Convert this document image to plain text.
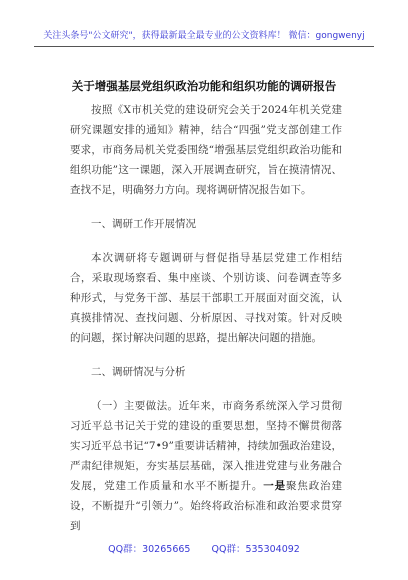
关注头条号"公文研究"，获得最新最全最专业的公文资料库！ 微信：gongwenyj
关于增强基层党组织政治功能和组织功能的调研报告

按照《X市机关党的建设研究会关于2024年机关党建研究课题安排的通知》精神，结合“四强”党支部创建工作要求，市商务局机关党委围绕“增强基层党组织政治功能和组织功能”这一课题，深入开展调查研究，旨在摸清情况、查找不足，明确努力方向。现将调研情况报告如下。

一、调研工作开展情况

本次调研将专题调研与督促指导基层党建工作相结合，采取现场察看、集中座谈、个别访谈、问卷调查等多种形式，与党务干部、基层干部职工开展面对面交流，认真摸排情况、查找问题、分析原因、寻找对策。针对反映的问题，探讨解决问题的思路，提出解决问题的措施。

二、调研情况与分析

（一）主要做法。近年来，市商务系统深入学习贯彻习近平总书记关于党的建设的重要思想，坚持不懈贯彻落实习近平总书记“7•9”重要讲话精神，持续加强政治建设，严肃纪律规矩，夯实基层基础，深入推进党建与业务融合发展，党建工作质量和水平不断提升。一是聚焦政治建设，不断提升“引领力”。始终将政治标准和政治要求贯穿到

QQ群：30265665 QQ群：535304092
